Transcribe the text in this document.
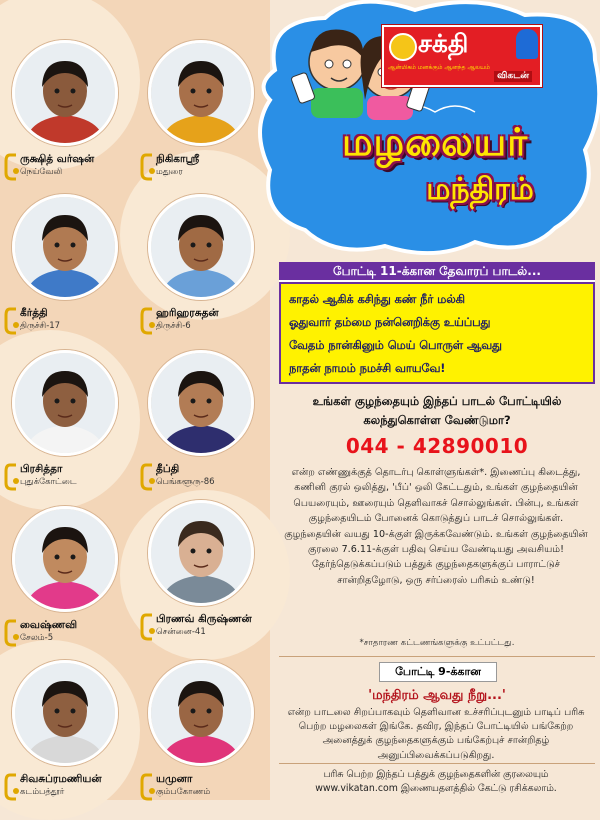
ருக்ஷித் வர்ஷன்
நெய்வேலி
நிகிகாஸ்ரீ
மதுரை
கீர்த்தி
திருச்சி-17
ஹரிஹரசுதன்
திருச்சி-6
பிரசித்தா
புதுக்கோட்டை
தீப்தி
பெங்களூரு-86
வைஷ்ணவி
சேலம்-5
பிரணவ் கிருஷ்ணன்
சென்னை-41
சிவசுப்ரமணியன்
கடம்பத்தூர்
யமுனா
கும்பகோணம்
சக்தி
ஆன்மிகம் மனக்கும் ஆனந்த ஆலயம்
விகடன்
மழலையர்
மந்திரம்
போட்டி 11-க்கான தேவாரப் பாடல்...
காதல் ஆகிக் கசிந்து கண் நீர் மல்கி
ஓதுவார் தம்மை நன்னெறிக்கு உய்ப்பது
வேதம் நான்கினும் மெய் பொருள் ஆவது
நாதன் நாமம் நமச்சி வாயவே!
உங்கள் குழந்தையும் இந்தப் பாடல் போட்டியில் கலந்துகொள்ள வேண்டுமா?
044 - 42890010
என்ற எண்ணுக்குத் தொடர்பு கொள்ளுங்கள்*. இணைப்பு கிடைத்து, கணினி குரல் ஒலித்து, 'பீப்' ஒலி கேட்டதும், உங்கள் குழந்தையின் பெயரையும், ஊரையும் தெளிவாகச் சொல்லுங்கள். பின்பு, உங்கள் குழந்தையிடம் போனைக் கொடுத்துப் பாடச் சொல்லுங்கள். குழந்தையின் வயது 10-க்குள் இருக்கவேண்டும். உங்கள் குழந்தையின் குரலை 7.6.11-க்குள் பதிவு செய்ய வேண்டியது அவசியம்! தேர்ந்தெடுக்கப்படும் பத்துக் குழந்தைகளுக்குப் பாராட்டுச் சான்றிதழோடு, ஒரு சர்ப்ரைஸ் பரிசும் உண்டு!
*சாதாரண கட்டணங்களுக்கு உட்பட்டது.
போட்டி 9-க்கான
'மந்திரம் ஆவது நீறு...'
என்ற பாடலை சிறப்பாகவும் தெளிவான உச்சரிப்புடனும் பாடிப் பரிசு பெற்ற மழலைகள் இங்கே. தவிர, இந்தப் போட்டியில் பங்கேற்ற அனைத்துக் குழந்தைகளுக்கும் பங்கேற்புச் சான்றிதழ் அனுப்பிவைக்கப்படுகிறது.
பரிசு பெற்ற இந்தப் பத்துக் குழந்தைகளின் குரலையும் www.vikatan.com இணையதளத்தில் கேட்டு ரசிக்கலாம்.
